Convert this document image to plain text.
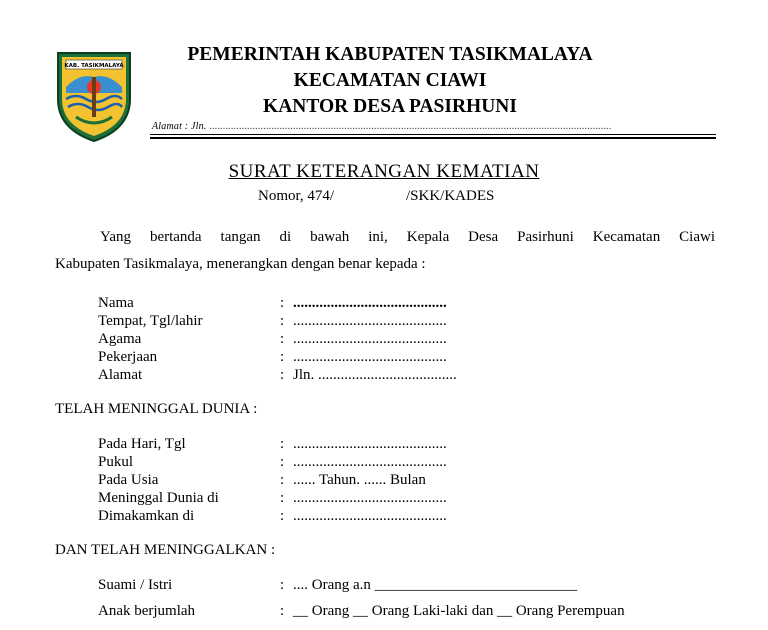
KAB. TASIKMALAYA
PEMERINTAH KABUPATEN TASIKMALAYA
KECAMATAN CIAWI
KANTOR DESA PASIRHUNI
Alamat : Jln. .....................................................................................................................................................
SURAT KETERANGAN KEMATIAN
Nomor, 474/	/SKK/KADES
Yang bertanda tangan di bawah ini, Kepala Desa Pasirhuni Kecamatan Ciawi
Kabupaten Tasikmalaya, menerangkan dengan benar kepada :
Nama	: .........................................
Tempat, Tgl/lahir	: .........................................
Agama	: .........................................
Pekerjaan	: .........................................
Alamat	: Jln. .....................................
TELAH MENINGGAL DUNIA :
Pada Hari, Tgl	: .........................................
Pukul	: .........................................
Pada Usia	: ...... Tahun. ...... Bulan
Meninggal Dunia di	: .........................................
Dimakamkan di	: .........................................
DAN TELAH MENINGGALKAN :
Suami / Istri	: .... Orang a.n ___________________________
Anak berjumlah	: __ Orang __ Orang Laki-laki dan __ Orang Perempuan
